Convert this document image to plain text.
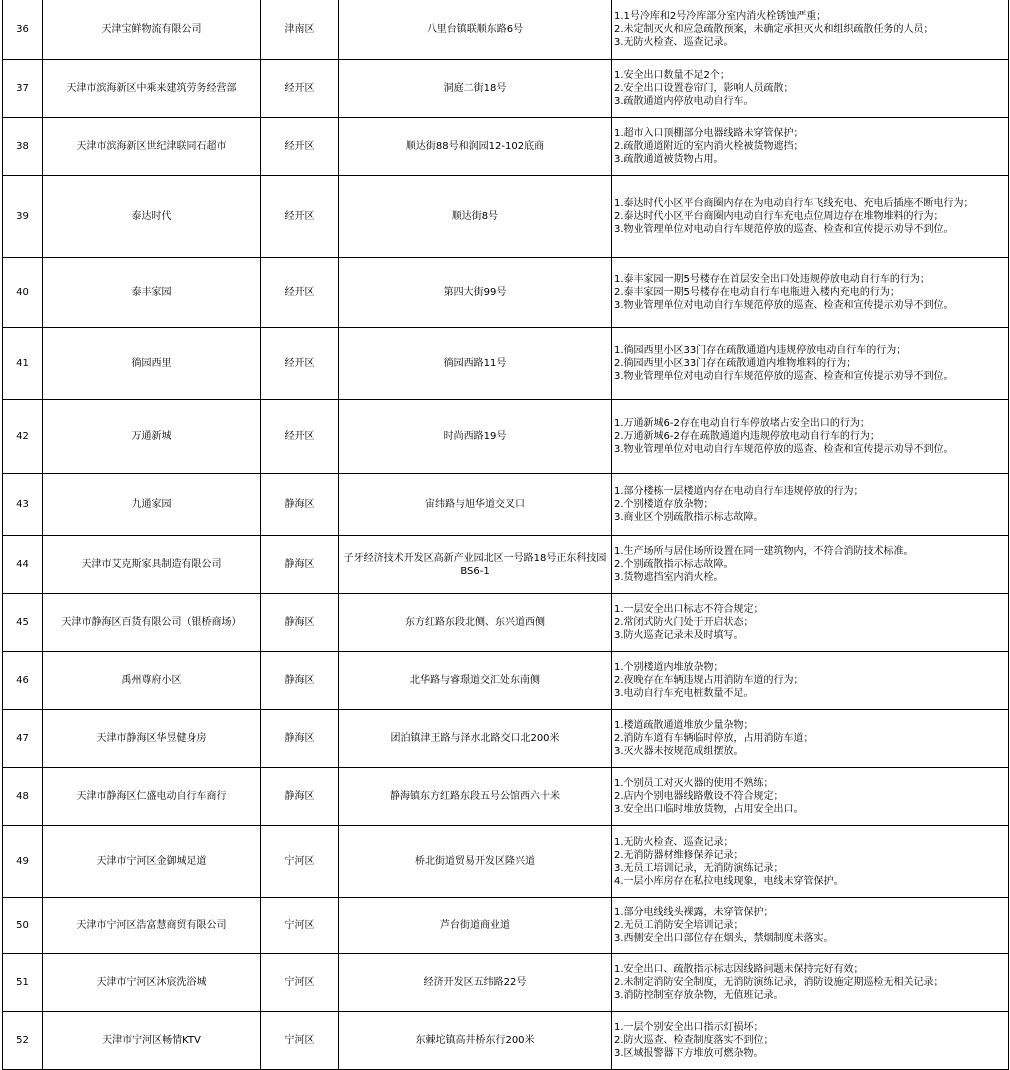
36	天津宝鲜物流有限公司	津南区	八里台镇联顺东路6号	1.1号冷库和2号冷库部分室内消火栓锈蚀严重；
2.未定制灭火和应急疏散预案，未确定承担灭火和组织疏散任务的人员；
3.无防火检查、巡查记录。

37	天津市滨海新区中乘来建筑劳务经营部	经开区	洞庭二街18号	1.安全出口数量不足2个；
2.安全出口设置卷帘门，影响人员疏散；
3.疏散通道内停放电动自行车。

38	天津市滨海新区世纪津联同石超市	经开区	顺达街88号和润园12-102底商	1.超市入口顶棚部分电器线路未穿管保护；
2.疏散通道附近的室内消火栓被货物遮挡；
3.疏散通道被货物占用。

39	泰达时代	经开区	顺达街8号	1.泰达时代小区平台商圈内存在为电动自行车飞线充电、充电后插座不断电行为；
2.泰达时代小区平台商圈内电动自行车充电点位周边存在堆物堆料的行为；
3.物业管理单位对电动自行车规范停放的巡查、检查和宣传提示劝导不到位。

40	泰丰家园	经开区	第四大街99号	1.泰丰家园一期5号楼存在首层安全出口处违规停放电动自行车的行为；
2.泰丰家园一期5号楼存在电动自行车电瓶进入楼内充电的行为；
3.物业管理单位对电动自行车规范停放的巡查、检查和宣传提示劝导不到位。

41	徜园西里	经开区	徜园西路11号	1.徜园西里小区33门存在疏散通道内违规停放电动自行车的行为；
2.徜园西里小区33门存在疏散通道内堆物堆料的行为；
3.物业管理单位对电动自行车规范停放的巡查、检查和宣传提示劝导不到位。

42	万通新城	经开区	时尚西路19号	1.万通新城6-2存在电动自行车停放堵占安全出口的行为；
2.万通新城6-2存在疏散通道内违规停放电动自行车的行为；
3.物业管理单位对电动自行车规范停放的巡查、检查和宣传提示劝导不到位。

43	九通家园	静海区	宙纬路与旭华道交叉口	1.部分楼栋一层楼道内存在电动自行车违规停放的行为；
2.个别楼道存放杂物；
3.商业区个别疏散指示标志故障。

44	天津市艾克斯家具制造有限公司	静海区	子牙经济技术开发区高新产业园北区一号路18号正东科技园BS6-1	1.生产场所与居住场所设置在同一建筑物内，不符合消防技术标准。
2.个别疏散指示标志故障。
3.货物遮挡室内消火栓。

45	天津市静海区百货有限公司（银桥商场）	静海区	东方红路东段北侧、东兴道西侧	1.一层安全出口标志不符合规定；
2.常闭式防火门处于开启状态；
3.防火巡查记录未及时填写。

46	禹州尊府小区	静海区	北华路与睿璟道交汇处东南侧	1.个别楼道内堆放杂物；
2.夜晚存在车辆违规占用消防车道的行为；
3.电动自行车充电桩数量不足。

47	天津市静海区华昱健身房	静海区	团泊镇津王路与泽水北路交口北200米	1.楼道疏散通道堆放少量杂物；
2.消防车道有车辆临时停放，占用消防车道；
3.灭火器未按规范成组摆放。

48	天津市静海区仁盛电动自行车商行	静海区	静海镇东方红路东段五号公馆西六十米	1.个别员工对灭火器的使用不熟练；
2.店内个别电器线路敷设不符合规定；
3.安全出口临时堆放货物，占用安全出口。

49	天津市宁河区金御城足道	宁河区	桥北街道贸易开发区隆兴道	1.无防火检查、巡查记录；
2.无消防器材维修保养记录；
3.无员工培训记录，无消防演练记录；
4.一层小库房存在私拉电线现象，电线未穿管保护。

50	天津市宁河区浩富慧商贸有限公司	宁河区	芦台街道商业道	1.部分电线线头裸露，未穿管保护；
2.无员工消防安全培训记录；
3.西侧安全出口部位存在烟头，禁烟制度未落实。

51	天津市宁河区沐宸洗浴城	宁河区	经济开发区五纬路22号	1.安全出口、疏散指示标志因线路问题未保持完好有效；
2.未制定消防安全制度，无消防演练记录，消防设施定期巡检无相关记录；
3.消防控制室存放杂物，无值班记录。

52	天津市宁河区畅情KTV	宁河区	东棘坨镇高井桥东行200米	1.一层个别安全出口指示灯损坏；
2.防火巡查、检查制度落实不到位；
3.区域报警器下方堆放可燃杂物。
